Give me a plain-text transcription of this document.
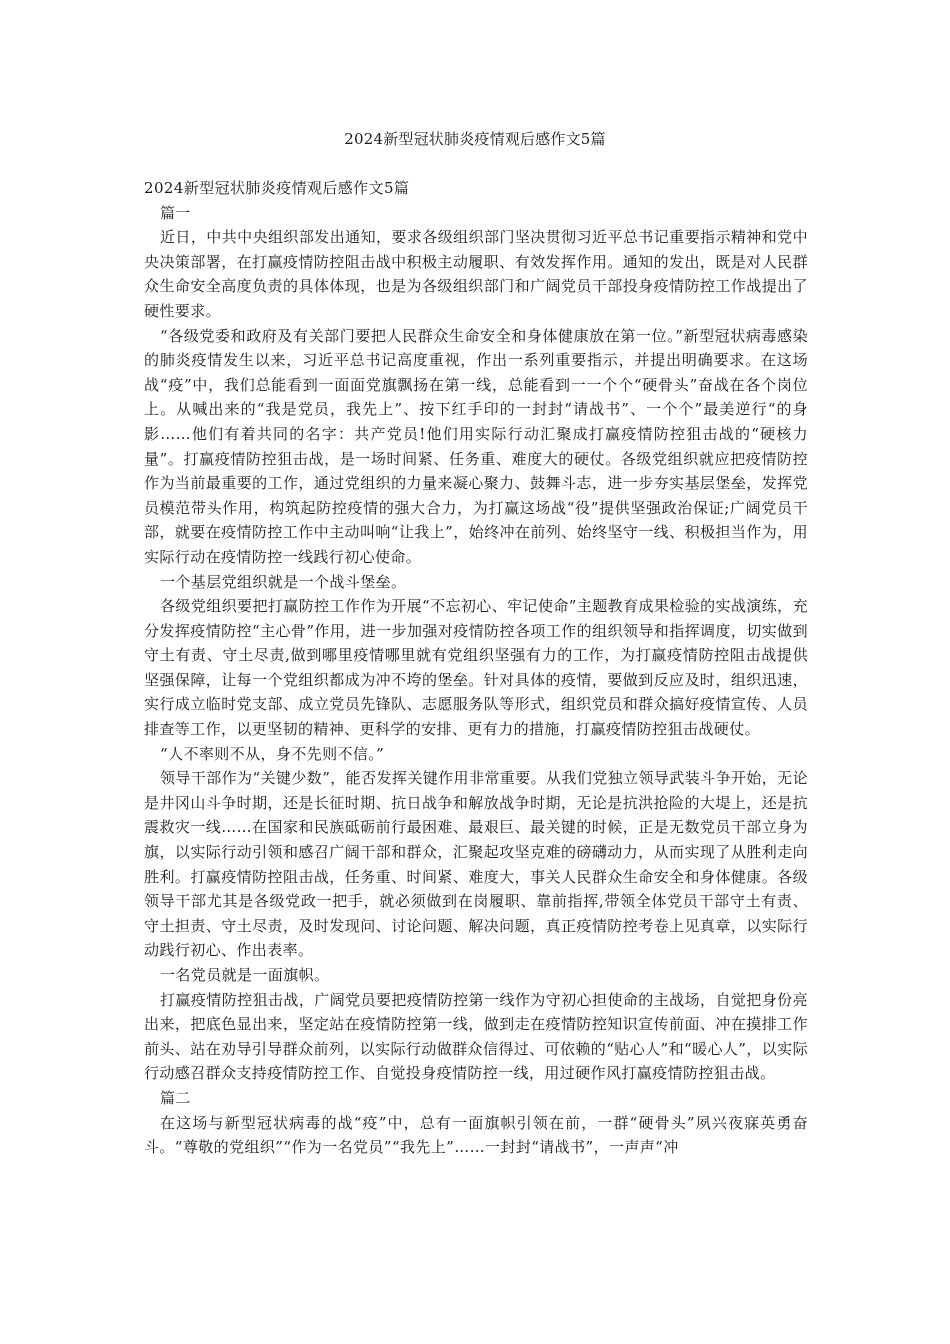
2024新型冠状肺炎疫情观后感作文5篇

2024新型冠状肺炎疫情观后感作文5篇

篇一

近日，中共中央组织部发出通知，要求各级组织部门坚决贯彻习近平总书记重要指示精神和党中央决策部署，在打赢疫情防控阻击战中积极主动履职、有效发挥作用。通知的发出，既是对人民群众生命安全高度负责的具体体现，也是为各级组织部门和广阔党员干部投身疫情防控工作战提出了硬性要求。

“各级党委和政府及有关部门要把人民群众生命安全和身体健康放在第一位。”新型冠状病毒感染的肺炎疫情发生以来，习近平总书记高度重视，作出一系列重要指示，并提出明确要求。在这场战“疫”中，我们总能看到一面面党旗飘扬在第一线，总能看到一一个个“硬骨头”奋战在各个岗位上。从喊出来的“我是党员，我先上”、按下红手印的一封封“请战书”、一个个”最美逆行“的身影……他们有着共同的名字：共产党员!他们用实际行动汇聚成打赢疫情防控狙击战的“硬核力量”。打赢疫情防控狙击战，是一场时间紧、任务重、难度大的硬仗。各级党组织就应把疫情防控作为当前最重要的工作，通过党组织的力量来凝心聚力、鼓舞斗志，进一步夯实基层堡垒，发挥党员模范带头作用，构筑起防控疫情的强大合力，为打赢这场战“役”提供坚强政治保证;广阔党员干部，就要在疫情防控工作中主动叫响“让我上”，始终冲在前列、始终坚守一线、积极担当作为，用实际行动在疫情防控一线践行初心使命。

一个基层党组织就是一个战斗堡垒。

各级党组织要把打赢防控工作作为开展“不忘初心、牢记使命”主题教育成果检验的实战演练，充分发挥疫情防控“主心骨”作用，进一步加强对疫情防控各项工作的组织领导和指挥调度，切实做到守土有责、守土尽责,做到哪里疫情哪里就有党组织坚强有力的工作，为打赢疫情防控阻击战提供坚强保障，让每一个党组织都成为冲不垮的堡垒。针对具体的疫情，要做到反应及时，组织迅速，实行成立临时党支部、成立党员先锋队、志愿服务队等形式，组织党员和群众搞好疫情宣传、人员排查等工作，以更坚韧的精神、更科学的安排、更有力的措施，打赢疫情防控狙击战硬仗。

“人不率则不从，身不先则不信。”

领导干部作为“关键少数”，能否发挥关键作用非常重要。从我们党独立领导武装斗争开始，无论是井冈山斗争时期，还是长征时期、抗日战争和解放战争时期，无论是抗洪抢险的大堤上，还是抗震救灾一线……在国家和民族砥砺前行最困难、最艰巨、最关键的时候，正是无数党员干部立身为旗，以实际行动引领和感召广阔干部和群众，汇聚起攻坚克难的磅礴动力，从而实现了从胜利走向胜利。打赢疫情防控阻击战，任务重、时间紧、难度大，事关人民群众生命安全和身体健康。各级领导干部尤其是各级党政一把手，就必须做到在岗履职、靠前指挥,带领全体党员干部守土有责、守土担责、守土尽责，及时发现问、讨论问题、解决问题，真正疫情防控考卷上见真章，以实际行动践行初心、作出表率。

一名党员就是一面旗帜。

打赢疫情防控狙击战，广阔党员要把疫情防控第一线作为守初心担使命的主战场，自觉把身份亮出来，把底色显出来，坚定站在疫情防控第一线，做到走在疫情防控知识宣传前面、冲在摸排工作前头、站在劝导引导群众前列，以实际行动做群众信得过、可依赖的“贴心人”和“暖心人”，以实际行动感召群众支持疫情防控工作、自觉投身疫情防控一线，用过硬作风打赢疫情防控狙击战。

篇二

在这场与新型冠状病毒的战“疫”中，总有一面旗帜引领在前，一群“硬骨头”夙兴夜寐英勇奋斗。“尊敬的党组织”“作为一名党员”“我先上”……一封封“请战书”，一声声“冲
